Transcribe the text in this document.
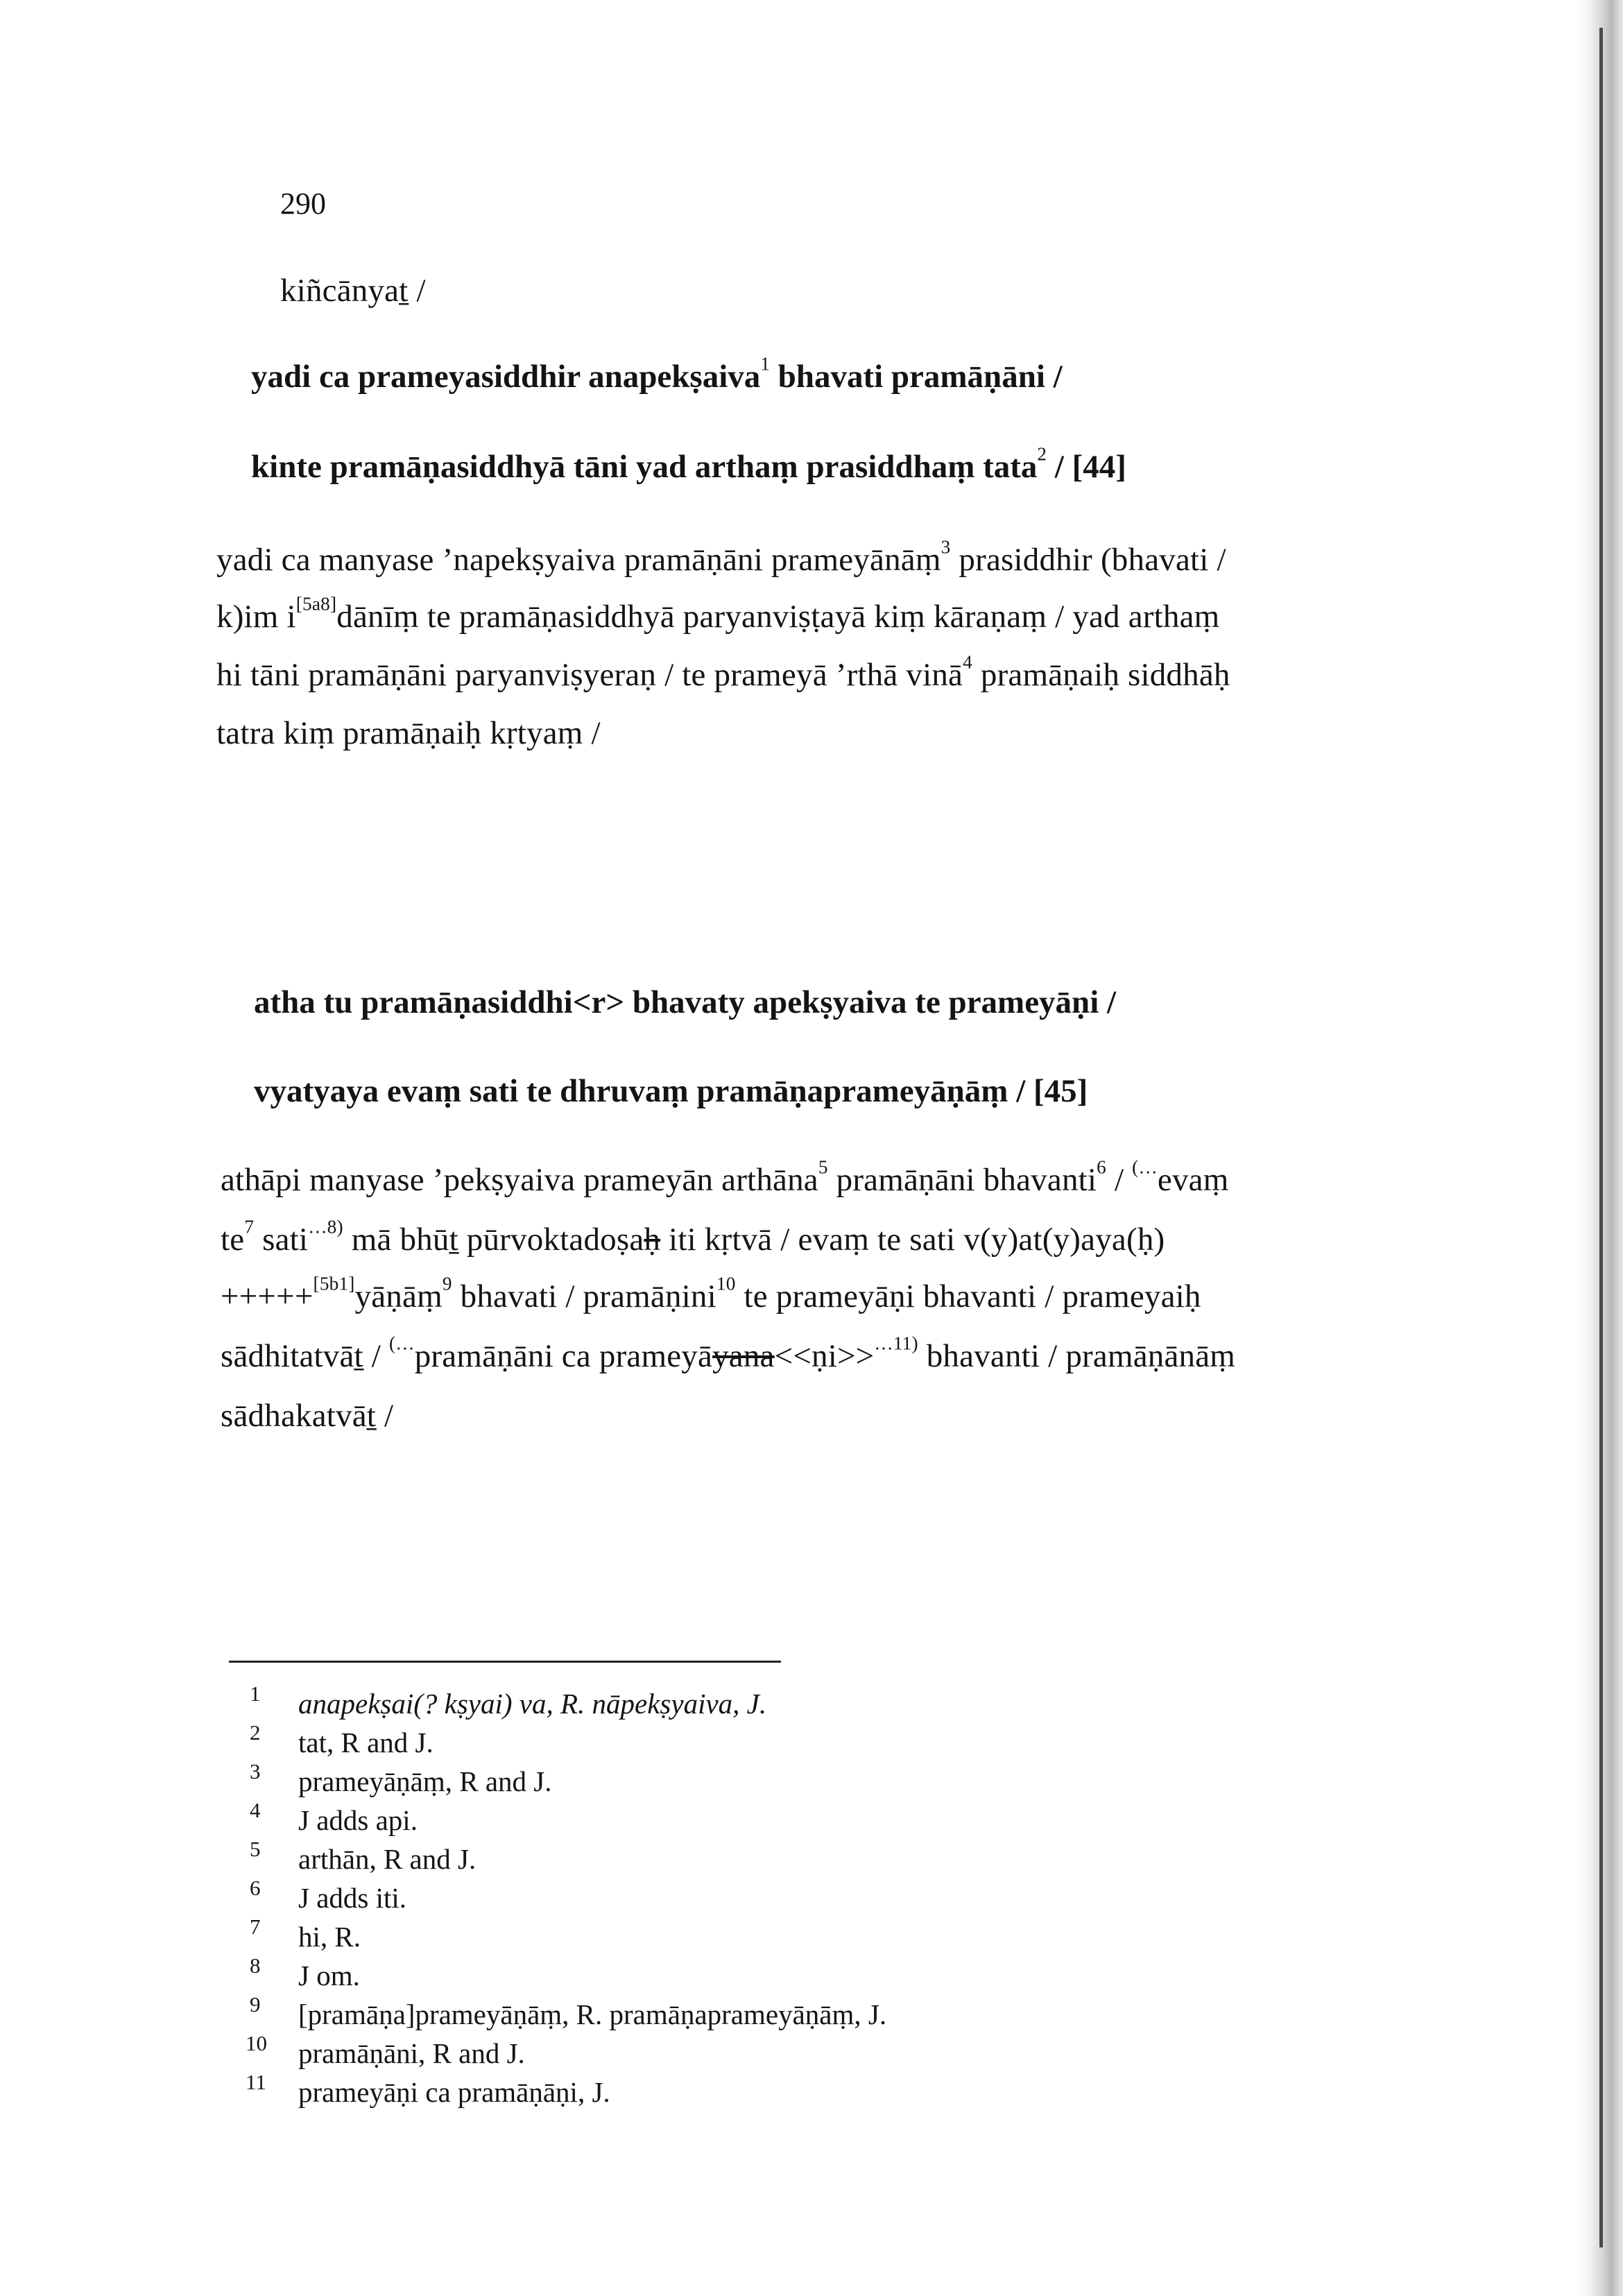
290
kiñcānyat̠ /
yadi ca prameyasiddhir anapekṣaiva$^1$ bhavati pramāṇāni /
kinte pramāṇasiddhyā tāni yad arthaṃ prasiddhaṃ tata$^2$ / [44]
yadi ca manyase ’napekṣyaiva pramāṇāni prameyānāṃ$^3$ prasiddhir (bhavati /
k)im i[5a8]dānīṃ te pramāṇasiddhyā paryanviṣṭayā kiṃ kāraṇaṃ / yad arthaṃ
hi tāni pramāṇāni paryanviṣyeraṇ / te prameyā ’rthā vinā$^4$ pramāṇaiḥ siddhāḥ
tatra kiṃ pramāṇaiḥ kṛtyaṃ /
atha tu pramāṇasiddhi<r> bhavaty apekṣyaiva te prameyāṇi /
vyatyaya evaṃ sati te dhruvaṃ pramāṇaprameyāṇāṃ / [45]
athāpi manyase ’pekṣyaiva prameyān arthāna$^5$ pramāṇāni bhavanti$^6$ / (…evaṃ
$te^7$ sati$^{\dots 8)}$ mā bhūt̠ pūrvoktadoṣaḥ iti kṛtvā / evaṃ te sati v(y)at(y)aya(ḥ)
+++++[5b1]yāṇāṃ$^9$ bhavati / pramāṇini$^{10}$ te prameyāṇi bhavanti / prameyaiḥ
sādhitatvāt̠ / (…pramāṇāni ca prameyāyana<<ṇi>>$^{\dots 11)}$ bhavanti / pramāṇānāṃ
sādhakatvāt̠ /
1 anapekṣai(? kṣyai) va, R. nāpekṣyaiva, J.
2 tat, R and J.
3 prameyāṇāṃ, R and J.
4 J adds api.
5 arthān, R and J.
6 J adds iti.
7 hi, R.
8 J om.
9 [pramāṇa]prameyāṇāṃ, R. pramāṇaprameyāṇāṃ, J.
10 pramāṇāni, R and J.
11 prameyāṇi ca pramāṇāṇi, J.
